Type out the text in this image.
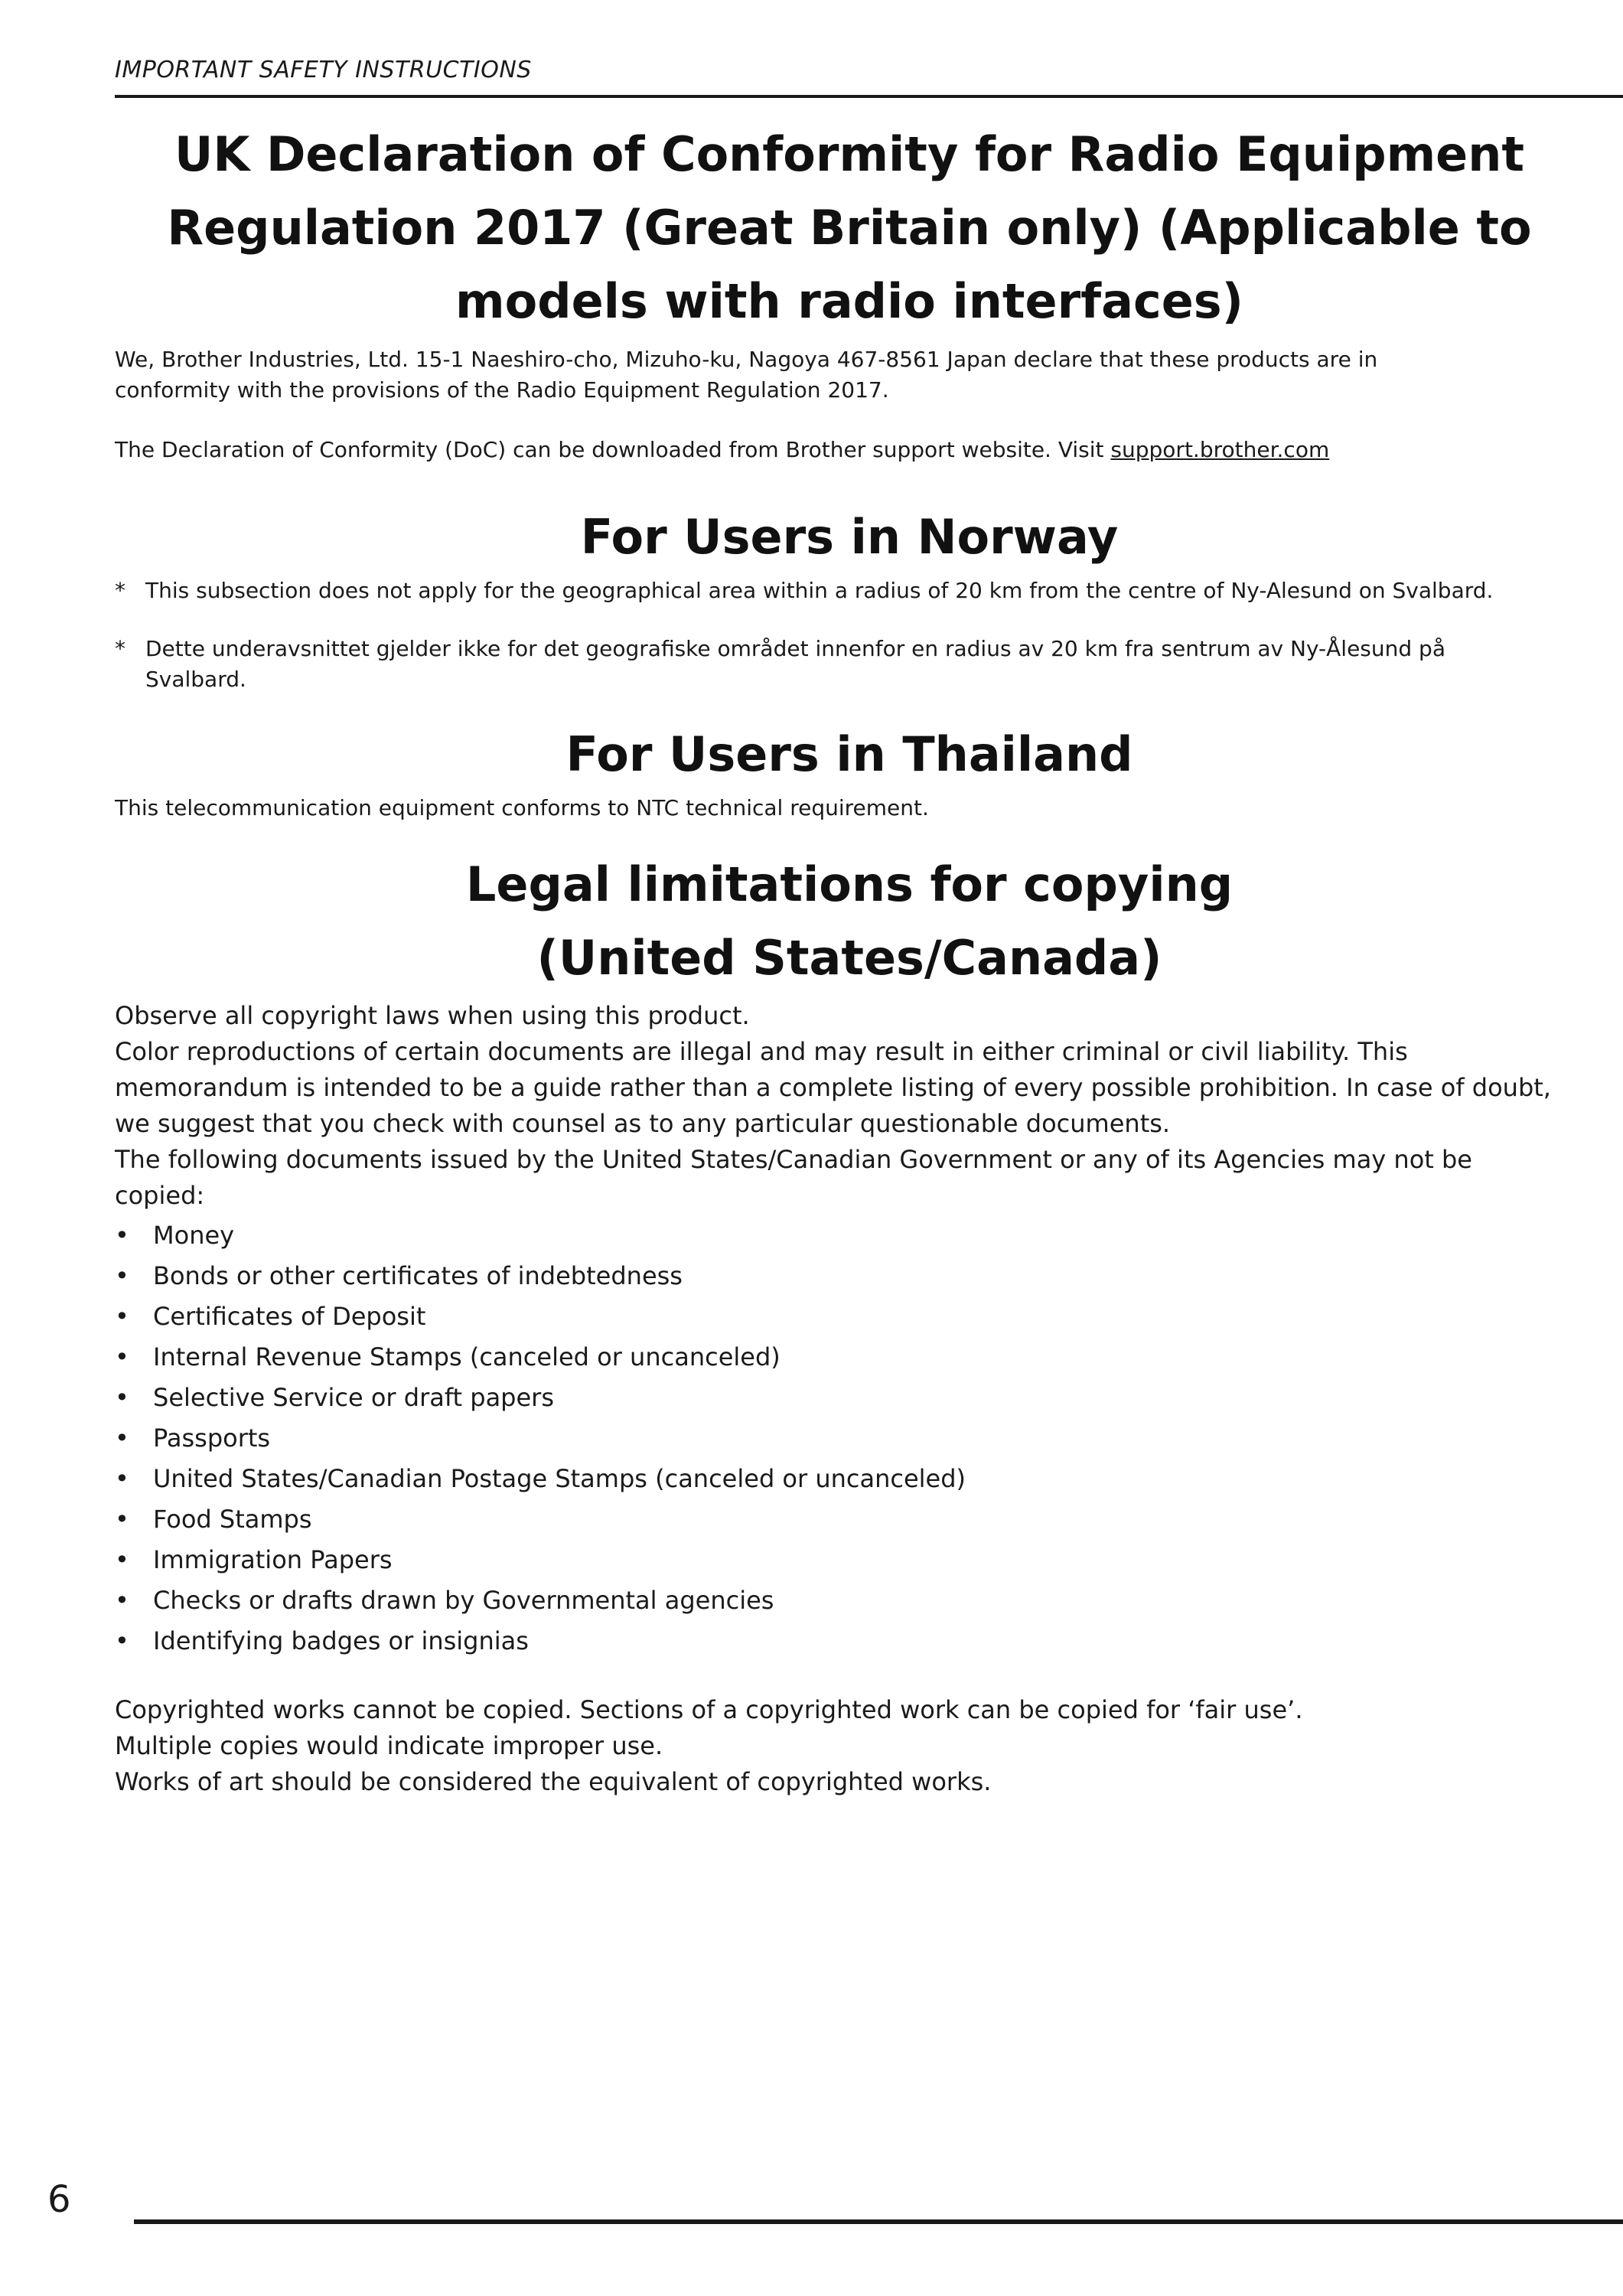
IMPORTANT SAFETY INSTRUCTIONS
UK Declaration of Conformity for Radio Equipment
Regulation 2017 (Great Britain only) (Applicable to
models with radio interfaces)

We, Brother Industries, Ltd. 15-1 Naeshiro-cho, Mizuho-ku, Nagoya 467-8561 Japan declare that these products are in
conformity with the provisions of the Radio Equipment Regulation 2017.

The Declaration of Conformity (DoC) can be downloaded from Brother support website. Visit support.brother.com

For Users in Norway

* This subsection does not apply for the geographical area within a radius of 20 km from the centre of Ny-Alesund on Svalbard.

* Dette underavsnittet gjelder ikke for det geografiske området innenfor en radius av 20 km fra sentrum av Ny-Ålesund på
Svalbard.

For Users in Thailand

This telecommunication equipment conforms to NTC technical requirement.

Legal limitations for copying
(United States/Canada)

Observe all copyright laws when using this product.
Color reproductions of certain documents are illegal and may result in either criminal or civil liability. This
memorandum is intended to be a guide rather than a complete listing of every possible prohibition. In case of doubt,
we suggest that you check with counsel as to any particular questionable documents.
The following documents issued by the United States/Canadian Government or any of its Agencies may not be
copied:

• Money
• Bonds or other certificates of indebtedness
• Certificates of Deposit
• Internal Revenue Stamps (canceled or uncanceled)
• Selective Service or draft papers
• Passports
• United States/Canadian Postage Stamps (canceled or uncanceled)
• Food Stamps
• Immigration Papers
• Checks or drafts drawn by Governmental agencies
• Identifying badges or insignias

Copyrighted works cannot be copied. Sections of a copyrighted work can be copied for ‘fair use’.
Multiple copies would indicate improper use.
Works of art should be considered the equivalent of copyrighted works.

6
